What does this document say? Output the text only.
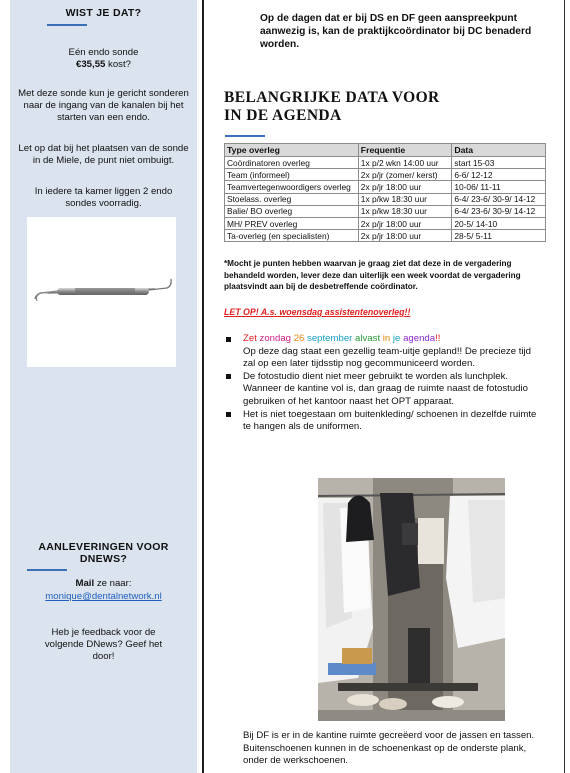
WIST JE DAT?
Eén endo sonde
€35,55 kost?
Met deze sonde kun je gericht sonderen naar de ingang van de kanalen bij het starten van een endo.
Let op dat bij het plaatsen van de sonde in de Miele, de punt niet ombuigt.
In iedere ta kamer liggen 2 endo sondes voorradig.
AANLEVERINGEN VOOR
DNEWS?
Mail ze naar:
monique@dentalnetwork.nl
Heb je feedback voor de volgende DNews? Geef het door!
Op de dagen dat er bij DS en DF geen aanspreekpunt aanwezig is, kan de praktijkcoördinator bij DC benaderd worden.
BELANGRIJKE DATA VOOR
IN DE AGENDA
Type overleg	Frequentie	Data
Coördinatoren overleg	1x p/2 wkn 14:00 uur	start 15-03
Team (informeel)	2x p/jr (zomer/ kerst)	6-6/ 12-12
Teamvertegenwoordigers overleg	2x p/jr 18:00 uur	10-06/ 11-11
Stoelass. overleg	1x p/kw 18:30 uur	6-4/ 23-6/ 30-9/ 14-12
Balie/ BO overleg	1x p/kw 18:30 uur	6-4/ 23-6/ 30-9/ 14-12
MH/ PREV overleg	2x p/jr 18:00 uur	20-5/ 14-10
Ta-overleg (en specialisten)	2x p/jr 18:00 uur	28-5/ 5-11
*Mocht je punten hebben waarvan je graag ziet dat deze in de vergadering behandeld worden, lever deze dan uiterlijk een week voordat de vergadering plaatsvindt aan bij de desbetreffende coördinator.
LET OP! A.s. woensdag assistentenoverleg!!
Zet zondag 26 september alvast in je agenda!!
Op deze dag staat een gezellig team-uitje gepland!! De precieze tijd zal op een later tijdsstip nog gecommuniceerd worden.
De fotostudio dient niet meer gebruikt te worden als lunchplek. Wanneer de kantine vol is, dan graag de ruimte naast de fotostudio gebruiken of het kantoor naast het OPT apparaat.
Het is niet toegestaan om buitenkleding/ schoenen in dezelfde ruimte te hangen als de uniformen.
Bij DF is er in de kantine ruimte gecreëerd voor de jassen en tassen. Buitenschoenen kunnen in de schoenenkast op de onderste plank, onder de werkschoenen.
